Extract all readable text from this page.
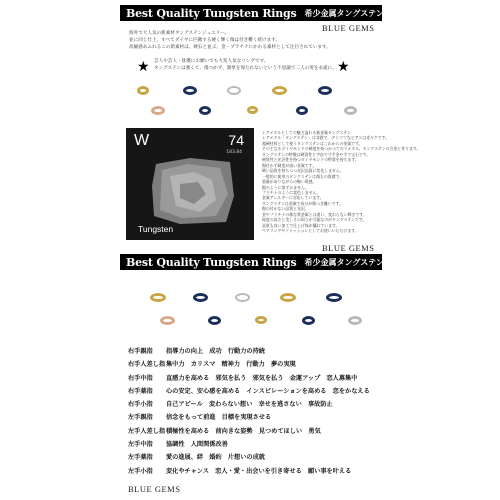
Best Quality Tungsten Rings 希少金属タングステンリング
BLUE GEMS

海外で大人気の新素材タングステンジュエリー。

並に同じ仕上、すべてダイヤに匹敵する硬く輝く傷は付き難く続けます。

高級感あふれるこの新素材は、硬石と並ぶ、金・プラチナにかわる素材として注目されています。

★	★

芸人や芸人・俳優にお願いでも大変人気なリングです。

タングステンは強くて、傷つかず、簡単を保たれないという不思議で二人の愛を永遠に。

W	74
183.84
Tungsten

レアメタルとしての魅力溢れる新金属タングステン

レアメタル「タングステン」は非鉄で、ダンツツなピアスは光ヤケです。

超硬材料として使うタングステンはこれからの金属です。

その主なるダイヤモンドの硬度を持つかつてのリメタル。タングステンの合金と作ります。

タングステンの特徴は硬質性と宇宙で寸手金や手で宝石です。

硬質性と光沢性を持つダイヤモンドの特質を持ちます。

傷付かず硬度が高い金属です。

硬い品質を持ちつつ光沢品質に変化しません。

一般的に使用のタングステンは傷もの質感で、

重量がありながらの軽い質感。

銀のように黒ずみません。

プラチナのように変色しません。

金属アレルギーに対応しています。

タングステンは金属で成分が傷つき難いです。

傷の付かない品質と光沢。

金やプラチナの様な貴金属とは違い、変わらない輝きです。

純度の高さと美しさの両立が可能なのがタングステンです。

品質も良い加工で仕上げ体が優れています。

ペアリングやファッションとしてお使いいただけます。

BLUE GEMS
Best Quality Tungsten Rings 希少金属タングステンリング
右手親指	指導力の向上　成功　行動力の持続
右手人差し指 集中力　カリスマ　精神力　行動力　夢の実現
右手中指	直感力を高める　邪気を払う　邪気を払う　金運アップ　恋人募集中
右手薬指	心の安定、安心感を高める　インスピレーションを高める　恋をかなえる
右手小指	自己アピール　変わらない想い　幸せを逃さない　事故防止
左手親指	信念をもって前進　目標を実現させる
左手人差し指 積極性を高める　前向きな姿勢　見つめてほしい　勇気
左手中指	協調性　人間関係改善
左手薬指	愛の進展、絆　婚約　片想いの成就
左手小指	変化やチャンス　恋人・愛・出会いを引き寄せる　願い事を叶える
BLUE GEMS
